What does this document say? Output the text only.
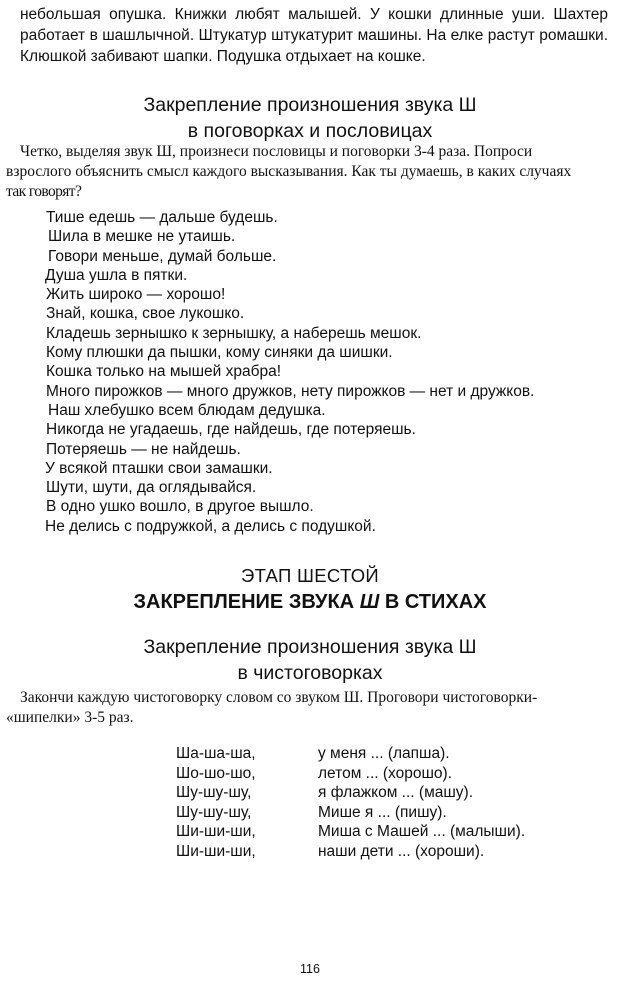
небольшая опушка. Книжки любят малышей. У кошки длинные уши. Шахтер работает в шашлычной. Штукатур штукатурит машины. На елке растут ромашки. Клюшкой забивают шапки. Подушка отдыхает на кошке.
Закрепление произношения звука Ш
в поговорках и пословицах
Четко, выделяя звук Ш, произнеси пословицы и поговорки 3-4 раза. Попроси
взрослого объяснить смысл каждого высказывания. Как ты думаешь, в каких случаях
так говорят?
Тише едешь — дальше будешь.
Шила в мешке не утаишь.
Говори меньше, думай больше.
Душа ушла в пятки.
Жить широко — хорошо!
Знай, кошка, свое лукошко.
Кладешь зернышко к зернышку, а наберешь мешок.
Кому плюшки да пышки, кому синяки да шишки.
Кошка только на мышей храбра!
Много пирожков — много дружков, нету пирожков — нет и дружков.
Наш хлебушко всем блюдам дедушка.
Никогда не угадаешь, где найдешь, где потеряешь.
Потеряешь — не найдешь.
У всякой пташки свои замашки.
Шути, шути, да оглядывайся.
В одно ушко вошло, в другое вышло.
Не делись с подружкой, а делись с подушкой.
ЭТАП ШЕСТОЙ
ЗАКРЕПЛЕНИЕ ЗВУКА Ш В СТИХАХ
Закрепление произношения звука Ш
в чистоговорках
Закончи каждую чистоговорку словом со звуком Ш. Проговори чистоговорки-
«шипелки» 3-5 раз.
Ша-ша-ша,	у меня ... (лапша).
Шо-шо-шо,	летом ... (хорошо).
Шу-шу-шу,	я флажком ... (машу).
Шу-шу-шу,	Мише я ... (пишу).
Ши-ши-ши,	Миша с Машей ... (малыши).
Ши-ши-ши,	наши дети ... (хороши).
116
